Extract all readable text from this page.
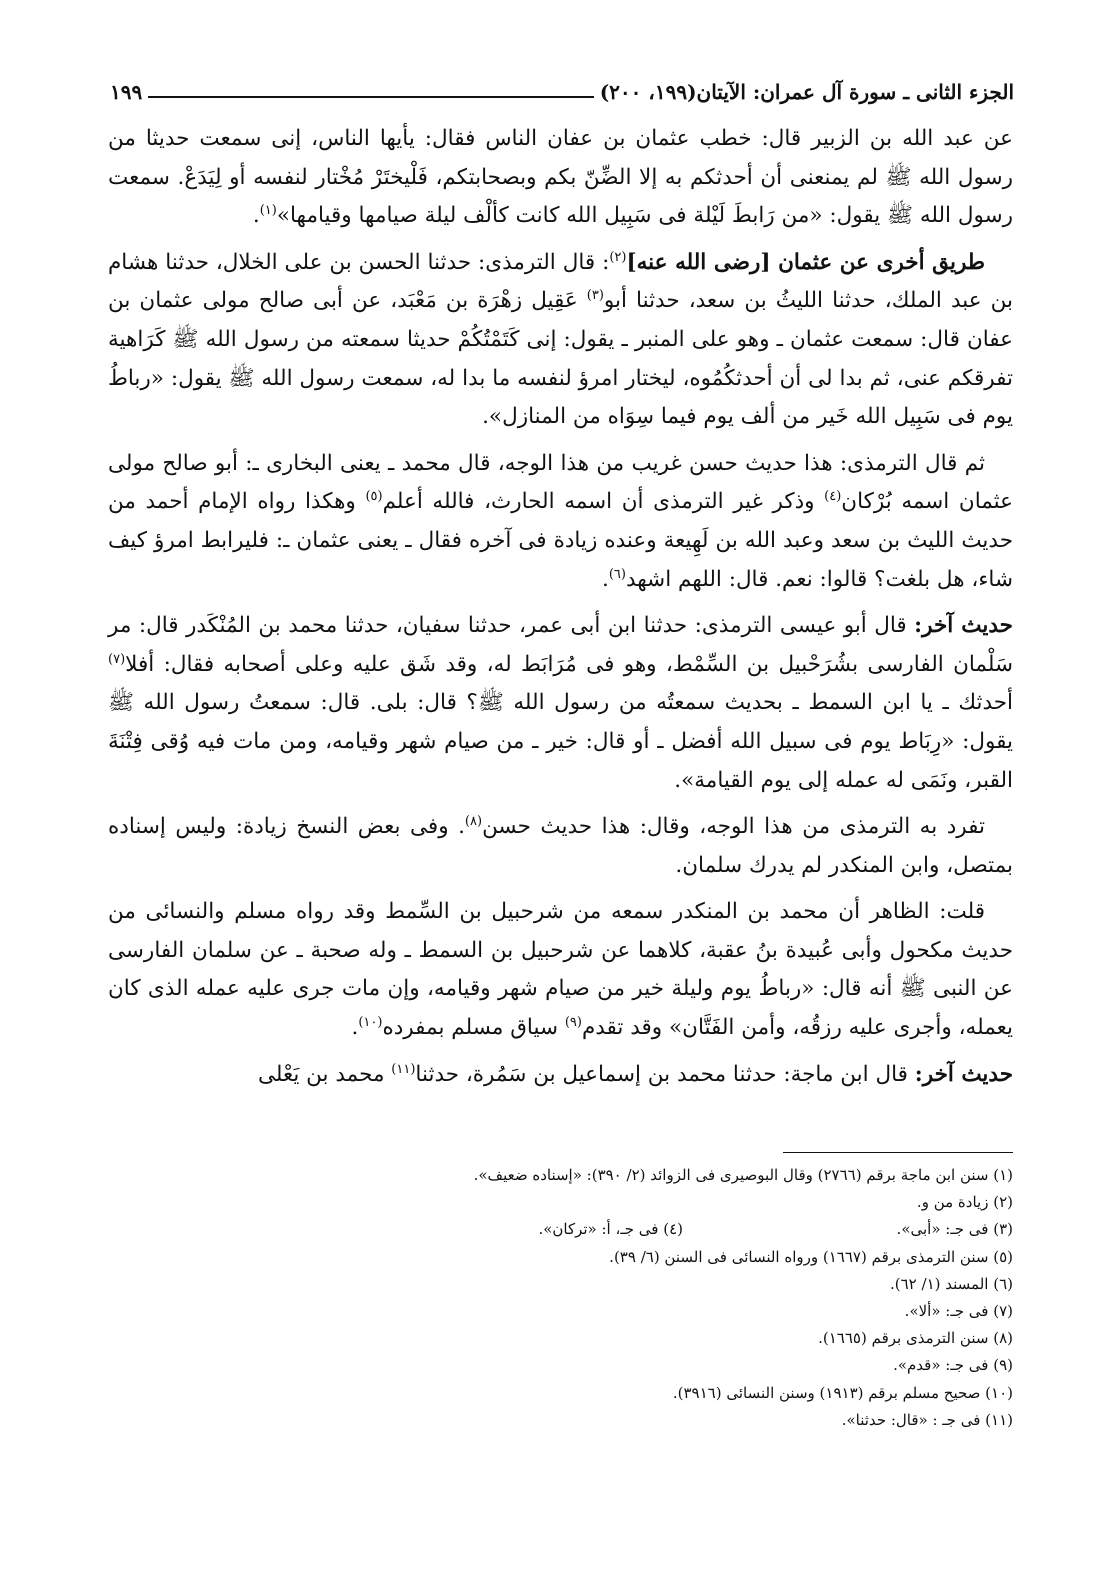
الجزء الثانى ـ سورة آل عمران: الآيتان(١٩٩، ٢٠٠)
١٩٩

عن عبد الله بن الزبير قال: خطب عثمان بن عفان الناس فقال: يأيها الناس، إنى سمعت حديثا من رسول الله ﷺ لم يمنعنى أن أحدثكم به إلا الضِّنّ بكم وبصحابتكم، فَلْيختَرْ مُخْتار لنفسه أو لِيَدَعْ. سمعت رسول الله ﷺ يقول: «من رَابطَ لَيْلة فى سَبِيل الله كانت كألْف ليلة صيامها وقيامها»$^{(١)}$.

طريق أخرى عن عثمان [رضى الله عنه]$^{(٢)}$: قال الترمذى: حدثنا الحسن بن على الخلال، حدثنا هشام بن عبد الملك، حدثنا الليثُ بن سعد، حدثنا أبو$^{(٣)}$ عَقِيل زهْرَة بن مَعْبَد، عن أبى صالح مولى عثمان بن عفان قال: سمعت عثمان ـ وهو على المنبر ـ يقول: إنى كَتَمْتُكُمْ حديثا سمعته من رسول الله ﷺ كَرَاهية تفرقكم عنى، ثم بدا لى أن أحدثكُمُوه، ليختار امرؤ لنفسه ما بدا له، سمعت رسول الله ﷺ يقول: «رباطُ يوم فى سَبِيل الله خَير من ألف يوم فيما سِوَاه من المنازل».

ثم قال الترمذى: هذا حديث حسن غريب من هذا الوجه، قال محمد ـ يعنى البخارى ـ: أبو صالح مولى عثمان اسمه بُرْكان$^{(٤)}$ وذكر غير الترمذى أن اسمه الحارث، فالله أعلم$^{(٥)}$ وهكذا رواه الإمام أحمد من حديث الليث بن سعد وعبد الله بن لَهِيعة وعنده زيادة فى آخره فقال ـ يعنى عثمان ـ: فليرابط امرؤ كيف شاء، هل بلغت؟ قالوا: نعم. قال: اللهم اشهد$^{(٦)}$.

حديث آخر: قال أبو عيسى الترمذى: حدثنا ابن أبى عمر، حدثنا سفيان، حدثنا محمد بن المُنْكَدر قال: مر سَلْمان الفارسى بشُرَحْبيل بن السِّمْط، وهو فى مُرَابَط له، وقد شَق عليه وعلى أصحابه فقال: أفلا$^{(٧)}$ أحدثك ـ يا ابن السمط ـ بحديث سمعتُه من رسول الله ﷺ؟ قال: بلى. قال: سمعتُ رسول الله ﷺ يقول: «رِبَاط يوم فى سبيل الله أفضل ـ أو قال: خير ـ من صيام شهر وقيامه، ومن مات فيه وُقى فِتْنَةَ القبر، ونَمَى له عمله إلى يوم القيامة».

تفرد به الترمذى من هذا الوجه، وقال: هذا حديث حسن$^{(٨)}$. وفى بعض النسخ زيادة: وليس إسناده بمتصل، وابن المنكدر لم يدرك سلمان.

قلت: الظاهر أن محمد بن المنكدر سمعه من شرحبيل بن السِّمط وقد رواه مسلم والنسائى من حديث مكحول وأبى عُبيدة بنُ عقبة، كلاهما عن شرحبيل بن السمط ـ وله صحبة ـ عن سلمان الفارسى عن النبى ﷺ أنه قال: «رباطُ يوم وليلة خير من صيام شهر وقيامه، وإن مات جرى عليه عمله الذى كان يعمله، وأجرى عليه رزقُه، وأمن الفَتَّان» وقد تقدم$^{(٩)}$ سياق مسلم بمفرده$^{(١٠)}$.

حديث آخر: قال ابن ماجة: حدثنا محمد بن إسماعيل بن سَمُرة، حدثنا$^{(١١)}$ محمد بن يَعْلى

(١) سنن ابن ماجة برقم (٢٧٦٦) وقال البوصيرى فى الزوائد (٢/ ٣٩٠): «إسناده ضعيف».
(٢) زيادة من و.
(٣) فى جـ: «أبى».
(٤) فى جـ، أ: «تركان».
(٥) سنن الترمذى برقم (١٦٦٧) ورواه النسائى فى السنن (٦/ ٣٩).
(٦) المسند (١/ ٦٢).
(٧) فى جـ: «ألا».
(٨) سنن الترمذى برقم (١٦٦٥).
(٩) فى جـ: «قدم».
(١٠) صحيح مسلم برقم (١٩١٣) وسنن النسائى (٣٩١٦).
(١١) فى جـ : «قال: حدثنا».
